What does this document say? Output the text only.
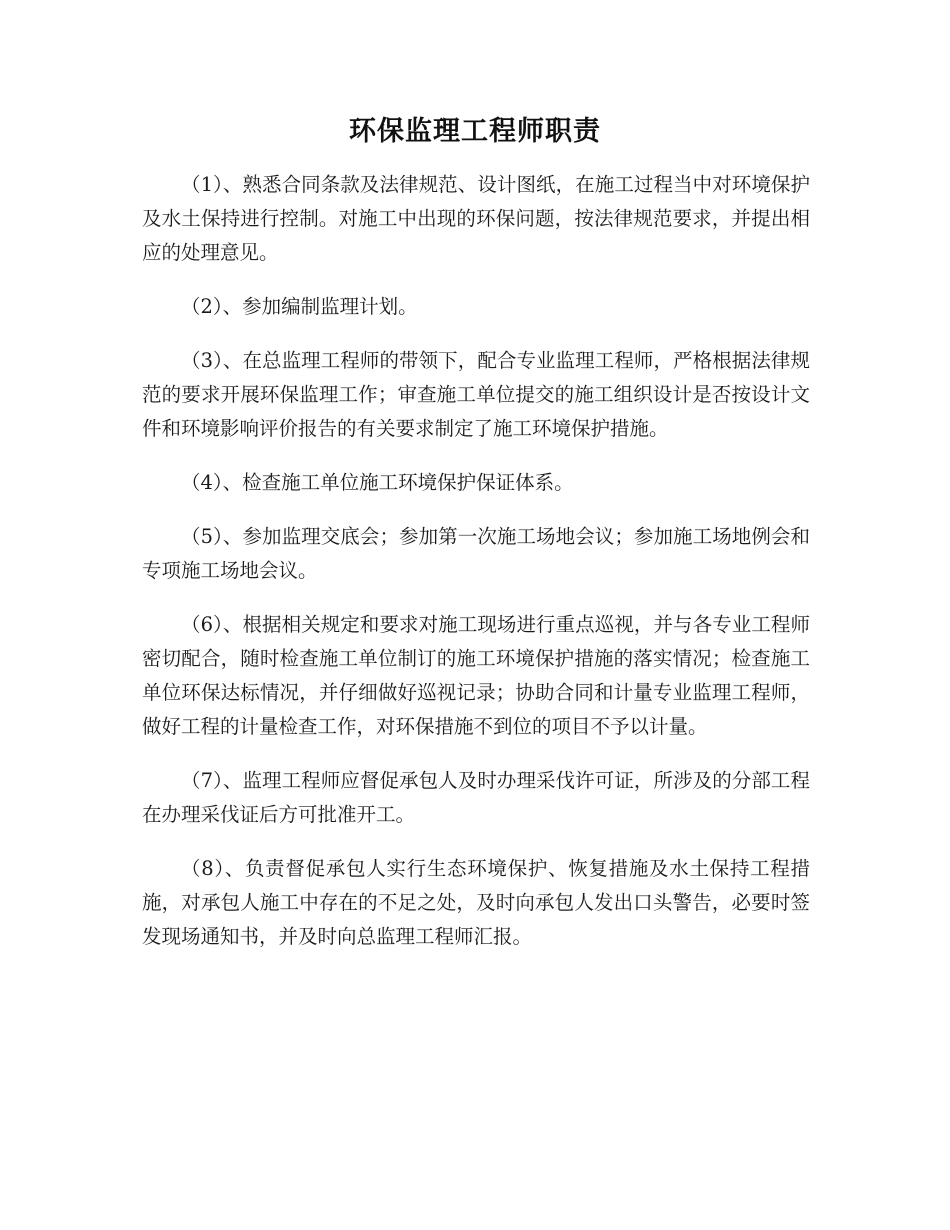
环保监理工程师职责

（1）、熟悉合同条款及法律规范、设计图纸，在施工过程当中对环境保护及水土保持进行控制。对施工中出现的环保问题，按法律规范要求，并提出相应的处理意见。

（2）、参加编制监理计划。

（3）、在总监理工程师的带领下，配合专业监理工程师，严格根据法律规范的要求开展环保监理工作；审查施工单位提交的施工组织设计是否按设计文件和环境影响评价报告的有关要求制定了施工环境保护措施。

（4）、检查施工单位施工环境保护保证体系。

（5）、参加监理交底会；参加第一次施工场地会议；参加施工场地例会和专项施工场地会议。

（6）、根据相关规定和要求对施工现场进行重点巡视，并与各专业工程师密切配合，随时检查施工单位制订的施工环境保护措施的落实情况；检查施工单位环保达标情况，并仔细做好巡视记录；协助合同和计量专业监理工程师，做好工程的计量检查工作，对环保措施不到位的项目不予以计量。

（7）、监理工程师应督促承包人及时办理采伐许可证，所涉及的分部工程在办理采伐证后方可批准开工。

（8）、负责督促承包人实行生态环境保护、恢复措施及水土保持工程措施，对承包人施工中存在的不足之处，及时向承包人发出口头警告，必要时签发现场通知书，并及时向总监理工程师汇报。
